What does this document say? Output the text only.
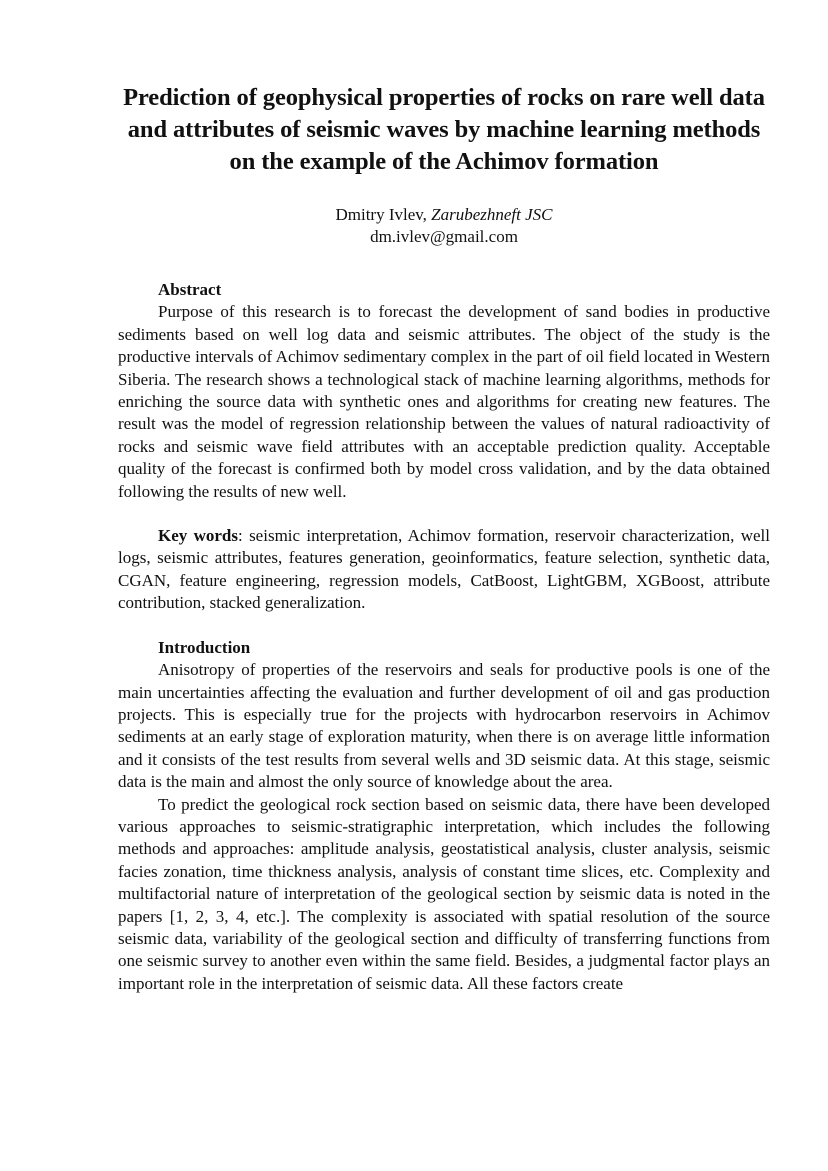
Prediction of geophysical properties of rocks on rare well data and attributes of seismic waves by machine learning methods on the example of the Achimov formation
Dmitry Ivlev, Zarubezhneft JSC
dm.ivlev@gmail.com
Abstract

Purpose of this research is to forecast the development of sand bodies in productive sediments based on well log data and seismic attributes. The object of the study is the productive intervals of Achimov sedimentary complex in the part of oil field located in Western Siberia. The research shows a technological stack of machine learning algorithms, methods for enriching the source data with synthetic ones and algorithms for creating new features. The result was the model of regression relationship between the values of natural radioactivity of rocks and seismic wave field attributes with an acceptable prediction quality. Acceptable quality of the forecast is confirmed both by model cross validation, and by the data obtained following the results of new well.

Key words: seismic interpretation, Achimov formation, reservoir characterization, well logs, seismic attributes, features generation, geoinformatics, feature selection, synthetic data, CGAN, feature engineering, regression models, CatBoost, LightGBM, XGBoost, attribute contribution, stacked generalization.

Introduction

Anisotropy of properties of the reservoirs and seals for productive pools is one of the main uncertainties affecting the evaluation and further development of oil and gas production projects. This is especially true for the projects with hydrocarbon reservoirs in Achimov sediments at an early stage of exploration maturity, when there is on average little information and it consists of the test results from several wells and 3D seismic data. At this stage, seismic data is the main and almost the only source of knowledge about the area.

To predict the geological rock section based on seismic data, there have been developed various approaches to seismic-stratigraphic interpretation, which includes the following methods and approaches: amplitude analysis, geostatistical analysis, cluster analysis, seismic facies zonation, time thickness analysis, analysis of constant time slices, etc. Complexity and multifactorial nature of interpretation of the geological section by seismic data is noted in the papers [1, 2, 3, 4, etc.]. The complexity is associated with spatial resolution of the source seismic data, variability of the geological section and difficulty of transferring functions from one seismic survey to another even within the same field. Besides, a judgmental factor plays an important role in the interpretation of seismic data. All these factors create
